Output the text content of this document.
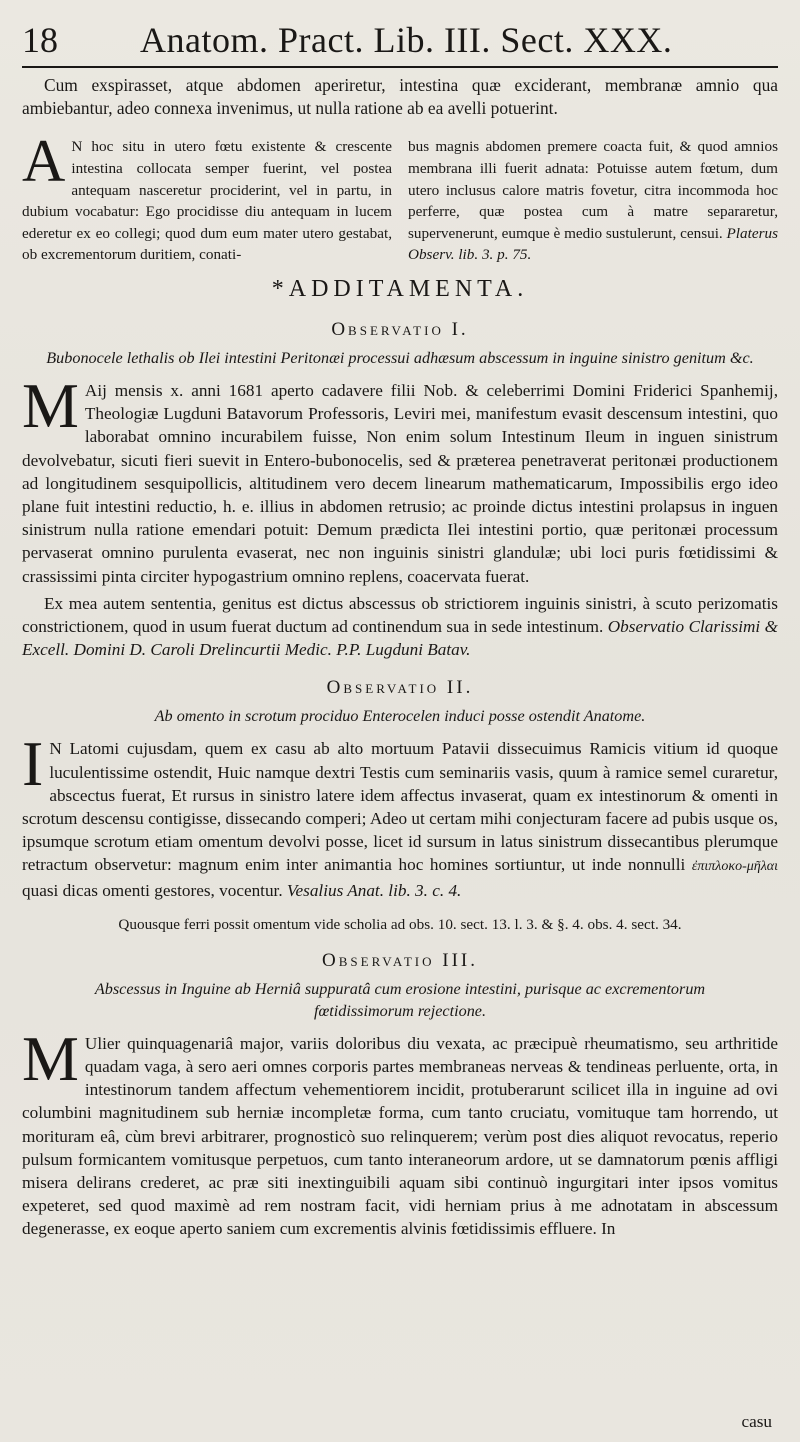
18 Anatom. Pract. Lib. III. Sect. XXX.

Cum exspirasset, atque abdomen aperiretur, intestina quæ exciderant, membranæ amnio qua ambiebantur, adeo connexa invenimus, ut nulla ratione ab ea avelli potuerint.

A N hoc situ in utero fœtu existente & crescente intestina collocata semper fuerint, vel postea antequam nasceretur prociderint, vel in partu, in dubium vocabatur: Ego procidisse diu antequam in lucem ederetur ex eo collegi; quod dum eum mater utero gestabat, ob excrementorum duritiem, conati-
bus magnis abdomen premere coacta fuit, & quod amnios membrana illi fuerit adnata: Potuisse autem fœtum, dum utero inclusus calore matris fovetur, citra incommoda hoc perferre, quæ postea cum à matre separaretur, supervenerunt, eumque è medio sustulerunt, censui. Platerus Observ. lib. 3. p. 75.
*ADDITAMENTA.
Observatio I.
Bubonocele lethalis ob Ilei intestini Peritonæi processui adhæsum abscessum in inguine sinistro genitum &c.

M Aij mensis x. anni 1681 aperto cadavere filii Nob. & celeberrimi Domini Friderici Spanhemij, Theologiæ Lugduni Batavorum Professoris, Leviri mei, manifestum evasit descensum intestini, quo laborabat omnino incurabilem fuisse, Non enim solum Intestinum Ileum in inguen sinistrum devolvebatur, sicuti fieri suevit in Entero-bubonocelis, sed & præterea penetraverat peritonæi productionem ad longitudinem sesquipollicis, altitudinem vero decem linearum mathematicarum, Impossibilis ergo ideo plane fuit intestini reductio, h. e. illius in abdomen retrusio; ac proinde dictus intestini prolapsus in inguen sinistrum nulla ratione emendari potuit: Demum prædicta Ilei intestini portio, quæ peritonæi processum pervaserat omnino purulenta evaserat, nec non inguinis sinistri glandulæ; ubi loci puris fœtidissimi & crassissimi pinta circiter hypogastrium omnino replens, coacervata fuerat.

Ex mea autem sententia, genitus est dictus abscessus ob strictiorem inguinis sinistri, à scuto perizomatis constrictionem, quod in usum fuerat ductum ad continendum sua in sede intestinum. Observatio Clarissimi & Excell. Domini D. Caroli Drelincurtii Medic. P.P. Lugduni Batav.

Observatio II.
Ab omento in scrotum prociduo Enterocelen induci posse ostendit Anatome.

I N Latomi cujusdam, quem ex casu ab alto mortuum Patavii dissecuimus Ramicis vitium id quoque luculentissime ostendit, Huic namque dextri Testis cum seminariis vasis, quum à ramice semel curaretur, abscectus fuerat, Et rursus in sinistro latere idem affectus invaserat, quam ex intestinorum & omenti in scrotum descensu contigisse, dissecando comperi; Adeo ut certam mihi conjecturam facere ad pubis usque os, ipsumque scrotum etiam omentum devolvi posse, licet id sursum in latus sinistrum dissecantibus plerumque retractum observetur: magnum enim inter animantia hoc homines sortiuntur, ut inde nonnulli ἐπιπλοκο-μῆλαι quasi dicas omenti gestores, vocentur. Vesalius Anat. lib. 3. c. 4.

Quousque ferri possit omentum vide scholia ad obs. 10. sect. 13. l. 3. & §. 4. obs. 4. sect. 34.
Observatio III.
Abscessus in Inguine ab Herniâ suppuratâ cum erosione intestini, purisque ac excrementorum fœtidissimorum rejectione.

M Ulier quinquagenariâ major, variis doloribus diu vexata, ac præcipuè rheumatismo, seu arthritide quadam vaga, à sero aeri omnes corporis partes membraneas nerveas & tendineas perluente, orta, in intestinorum tandem affectum vehementiorem incidit, protuberarunt scilicet illa in inguine ad ovi columbini magnitudinem sub herniæ incompletæ forma, cum tanto cruciatu, vomituque tam horrendo, ut morituram eâ, cùm brevi arbitrarer, prognosticò suo relinquerem; verùm post dies aliquot revocatus, reperio pulsum formicantem vomitusque perpetuos, cum tanto interaneorum ardore, ut se damnatorum pœnis affligi misera delirans crederet, ac præ siti inextinguibili aquam sibi continuò ingurgitari inter ipsos vomitus expeteret, sed quod maximè ad rem nostram facit, vidi herniam prius à me adnotatam in abscessum degenerasse, ex eoque aperto saniem cum excrementis alvinis fœtidissimis effluere. In

casu
